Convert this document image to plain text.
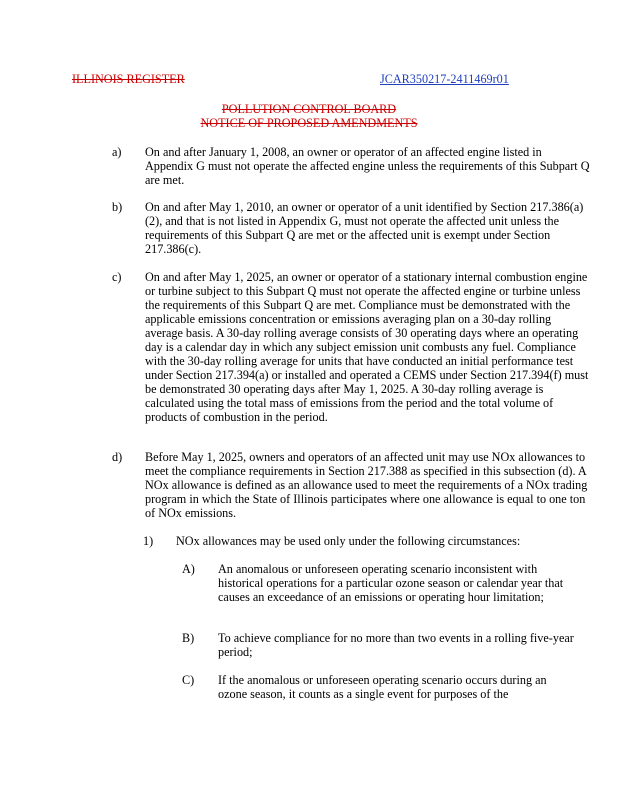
ILLINOIS REGISTER	JCAR350217-2411469r01
POLLUTION CONTROL BOARD
NOTICE OF PROPOSED AMENDMENTS
a) On and after January 1, 2008, an owner or operator of an affected engine listed in Appendix G must not operate the affected engine unless the requirements of this Subpart Q are met.
b) On and after May 1, 2010, an owner or operator of a unit identified by Section 217.386(a)(2), and that is not listed in Appendix G, must not operate the affected unit unless the requirements of this Subpart Q are met or the affected unit is exempt under Section 217.386(c).
c) On and after May 1, 2025, an owner or operator of a stationary internal combustion engine or turbine subject to this Subpart Q must not operate the affected engine or turbine unless the requirements of this Subpart Q are met. Compliance must be demonstrated with the applicable emissions concentration or emissions averaging plan on a 30-day rolling average basis. A 30-day rolling average consists of 30 operating days where an operating day is a calendar day in which any subject emission unit combusts any fuel. Compliance with the 30-day rolling average for units that have conducted an initial performance test under Section 217.394(a) or installed and operated a CEMS under Section 217.394(f) must be demonstrated 30 operating days after May 1, 2025. A 30-day rolling average is calculated using the total mass of emissions from the period and the total volume of products of combustion in the period.
d) Before May 1, 2025, owners and operators of an affected unit may use NOx allowances to meet the compliance requirements in Section 217.388 as specified in this subsection (d). A NOx allowance is defined as an allowance used to meet the requirements of a NOx trading program in which the State of Illinois participates where one allowance is equal to one ton of NOx emissions.
1) NOx allowances may be used only under the following circumstances:
A) An anomalous or unforeseen operating scenario inconsistent with historical operations for a particular ozone season or calendar year that causes an exceedance of an emissions or operating hour limitation;
B) To achieve compliance for no more than two events in a rolling five-year period;
C) If the anomalous or unforeseen operating scenario occurs during an ozone season, it counts as a single event for purposes of the
